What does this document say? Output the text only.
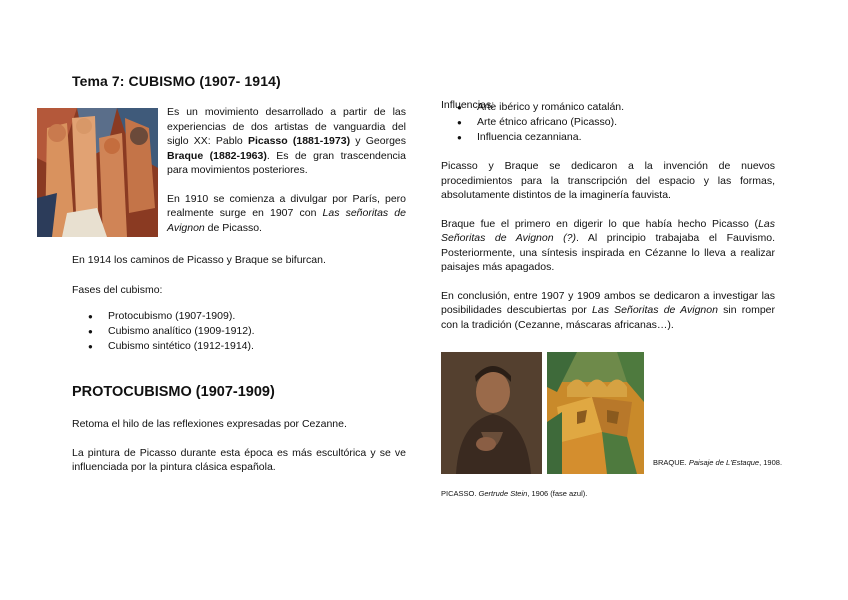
Tema 7: CUBISMO (1907- 1914)

Es un movimiento desarrollado a partir de las experiencias de dos artistas de vanguardia del siglo XX: Pablo Picasso (1881-1973) y Georges Braque (1882-1963). Es de gran trascendencia para movimientos posteriores.

En 1910 se comienza a divulgar por París, pero realmente surge en 1907 con Las señoritas de Avignon de Picasso.

En 1914 los caminos de Picasso y Braque se bifurcan.

Fases del cubismo:

● Protocubismo (1907-1909).
● Cubismo analítico (1909-1912).
● Cubismo sintético (1912-1914).
PROTOCUBISMO (1907-1909)

Retoma el hilo de las reflexiones expresadas por Cezanne.

La pintura de Picasso durante esta época es más escultórica y se ve influenciada por la pintura clásica española.

Influencias:

● Arte ibérico y románico catalán.
● Arte étnico africano (Picasso).
● Influencia cezanniana.

Picasso y Braque se dedicaron a la invención de nuevos procedimientos para la transcripción del espacio y las formas, absolutamente distintos de la imaginería fauvista.

Braque fue el primero en digerir lo que había hecho Picasso (Las Señoritas de Avignon (?). Al principio trabajaba el Fauvismo. Posteriormente, una síntesis inspirada en Cézanne lo lleva a realizar paisajes más apagados.

En conclusión, entre 1907 y 1909 ambos se dedicaron a investigar las posibilidades descubiertas por Las Señoritas de Avignon sin romper con la tradición (Cezanne, máscaras africanas…).

BRAQUE. Paisaje de L'Estaque, 1908.
PICASSO. Gertrude Stein, 1906 (fase azul).
